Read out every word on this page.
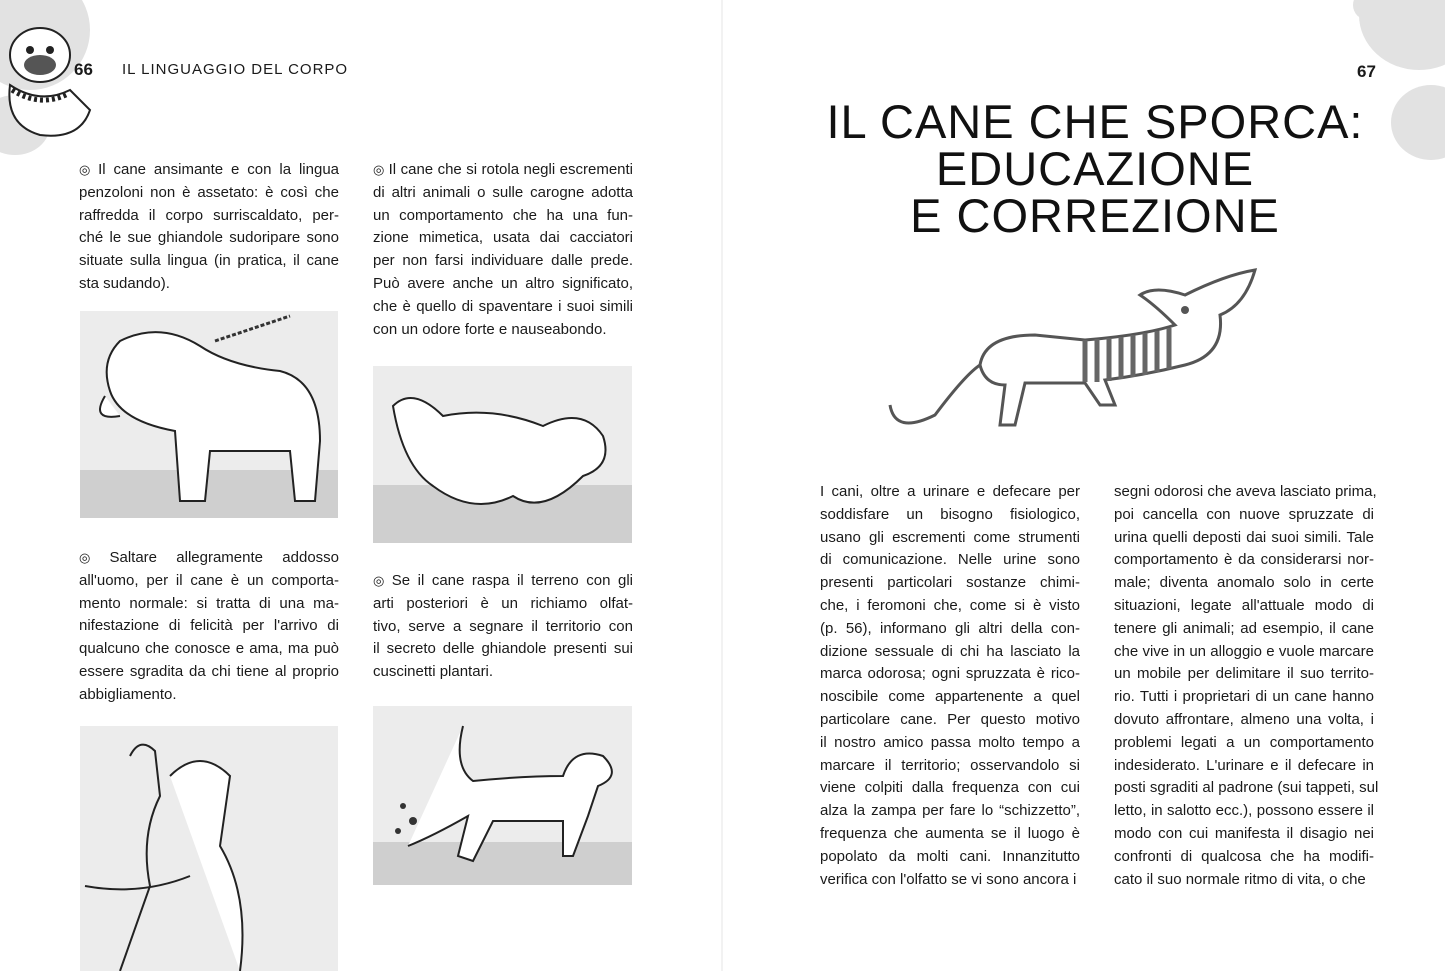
66 IL LINGUAGGIO DEL CORPO
◎ Il cane ansimante e con la lingua
penzoloni non è assetato: è così che
raffredda il corpo surriscaldato, per-
ché le sue ghiandole sudoripare sono
situate sulla lingua (in pratica, il cane
sta sudando).
◎ Saltare allegramente addosso
all'uomo, per il cane è un comporta-
mento normale: si tratta di una ma-
nifestazione di felicità per l'arrivo di
qualcuno che conosce e ama, ma può
essere sgradita da chi tiene al proprio
abbigliamento.
◎ Il cane che si rotola negli escrementi
di altri animali o sulle carogne adotta
un comportamento che ha una fun-
zione mimetica, usata dai cacciatori
per non farsi individuare dalle prede.
Può avere anche un altro significato,
che è quello di spaventare i suoi simili
con un odore forte e nauseabondo.
◎ Se il cane raspa il terreno con gli
arti posteriori è un richiamo olfat-
tivo, serve a segnare il territorio con
il secreto delle ghiandole presenti sui
cuscinetti plantari.
67
IL CANE CHE SPORCA:
EDUCAZIONE
E CORREZIONE
I cani, oltre a urinare e defecare per
soddisfare un bisogno fisiologico,
usano gli escrementi come strumenti
di comunicazione. Nelle urine sono
presenti particolari sostanze chimi-
che, i feromoni che, come si è visto
(p. 56), informano gli altri della con-
dizione sessuale di chi ha lasciato la
marca odorosa; ogni spruzzata è rico-
noscibile come appartenente a quel
particolare cane. Per questo motivo
il nostro amico passa molto tempo a
marcare il territorio; osservandolo si
viene colpiti dalla frequenza con cui
alza la zampa per fare lo “schizzetto”,
frequenza che aumenta se il luogo è
popolato da molti cani. Innanzitutto
verifica con l'olfatto se vi sono ancora i
segni odorosi che aveva lasciato prima,
poi cancella con nuove spruzzate di
urina quelli deposti dai suoi simili. Tale
comportamento è da considerarsi nor-
male; diventa anomalo solo in certe
situazioni, legate all'attuale modo di
tenere gli animali; ad esempio, il cane
che vive in un alloggio e vuole marcare
un mobile per delimitare il suo territo-
rio. Tutti i proprietari di un cane hanno
dovuto affrontare, almeno una volta, i
problemi legati a un comportamento
indesiderato. L'urinare e il defecare in
posti sgraditi al padrone (sui tappeti, sul
letto, in salotto ecc.), possono essere il
modo con cui manifesta il disagio nei
confronti di qualcosa che ha modifi-
cato il suo normale ritmo di vita, o che
